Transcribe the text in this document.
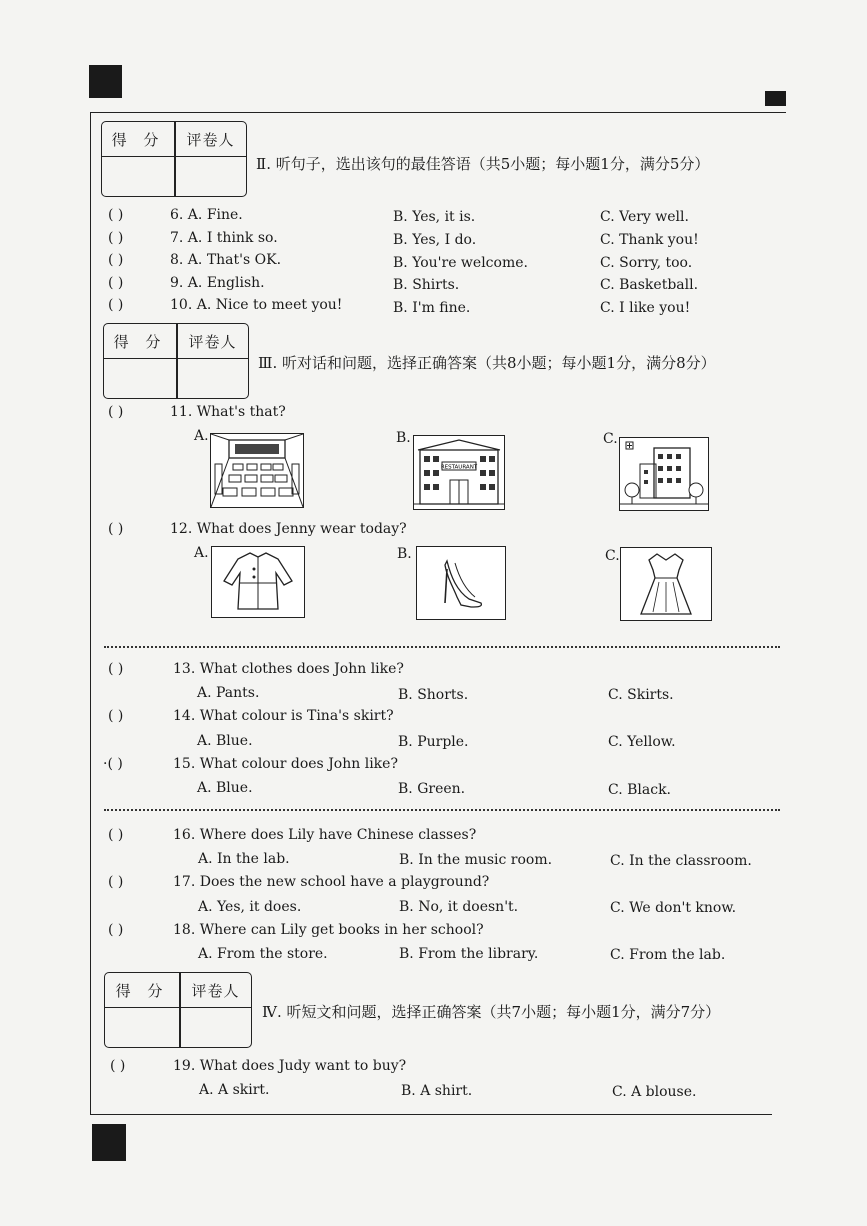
得 分	评卷人
Ⅱ. 听句子，选出该句的最佳答语（共5小题；每小题1分，满分5分）
( )	6. A. Fine.	B. Yes, it is.	C. Very well.
( )	7. A. I think so.	B. Yes, I do.	C. Thank you!
( )	8. A. That's OK.	B. You're welcome.	C. Sorry, too.
( )	9. A. English.	B. Shirts.	C. Basketball.
( )	10. A. Nice to meet you!	B. I'm fine.	C. I like you!
得 分	评卷人
Ⅲ. 听对话和问题，选择正确答案（共8小题；每小题1分，满分8分）
( )	11. What's that?
A.	B.	C.
RESTAURANT
( )	12. What does Jenny wear today?
A.	B.	C.
( )	13. What clothes does John like?
A. Pants.	B. Shorts.	C. Skirts.
( )	14. What colour is Tina's skirt?
A. Blue.	B. Purple.	C. Yellow.
·( )	15. What colour does John like?
A. Blue.	B. Green.	C. Black.
( )	16. Where does Lily have Chinese classes?
A. In the lab.	B. In the music room.	C. In the classroom.
( )	17. Does the new school have a playground?
A. Yes, it does.	B. No, it doesn't.	C. We don't know.
( )	18. Where can Lily get books in her school?
A. From the store.	B. From the library.	C. From the lab.
得 分	评卷人
Ⅳ. 听短文和问题，选择正确答案（共7小题；每小题1分，满分7分）
( )	19. What does Judy want to buy?
A. A skirt.	B. A shirt.	C. A blouse.
